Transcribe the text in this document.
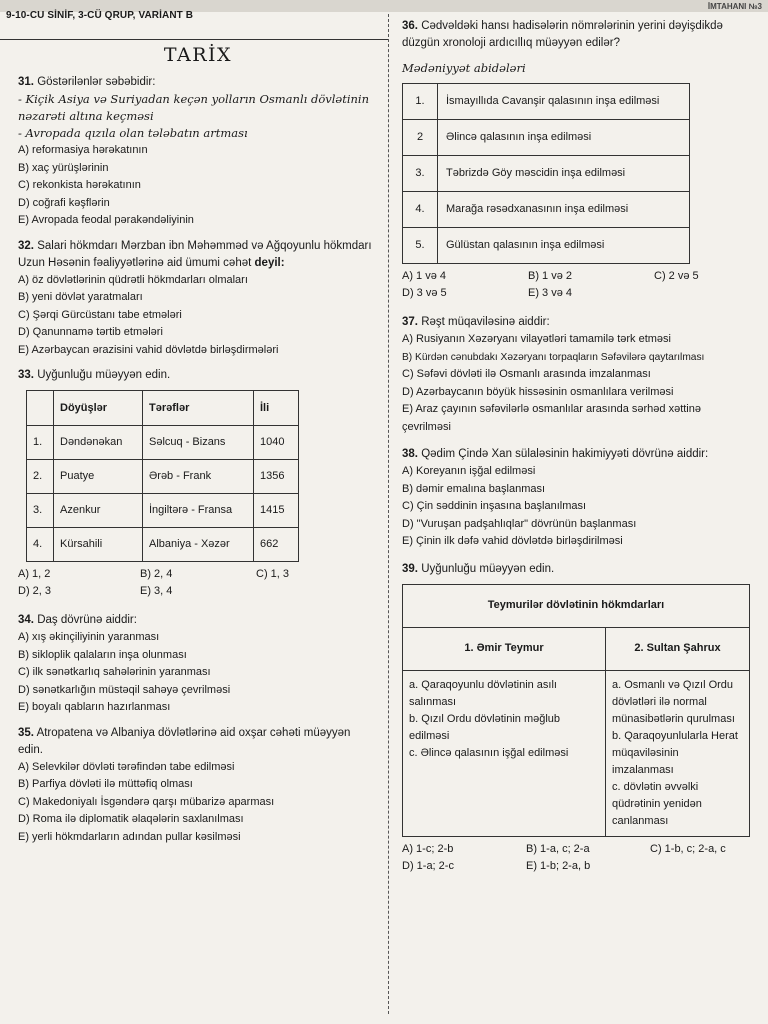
9-10-CU SİNİF, 3-CÜ QRUP, VARİANT B
İMTAHANI №3
TARİX
31. Göstərilənlər səbəbidir:
- Kiçik Asiya və Suriyadan keçən yolların Osmanlı dövlətinin nəzarəti altına keçməsi
- Avropada qızıla olan tələbatın artması
A) reformasiya hərəkatının
B) xaç yürüşlərinin
C) rekonkista hərəkatının
D) coğrafi kəşflərin
E) Avropada feodal pərakəndəliyinin
32. Salari hökmdarı Mərzban ibn Məhəmməd və Ağqoyunlu hökmdarı Uzun Həsənin fəaliyyətlərinə aid ümumi cəhət deyil:
A) öz dövlətlərinin qüdrətli hökmdarları olmaları
B) yeni dövlət yaratmaları
C) Şərqi Gürcüstanı tabe etmələri
D) Qanunnamə tərtib etmələri
E) Azərbaycan ərazisini vahid dövlətdə birləşdirmələri
33. Uyğunluğu müəyyən edin.
	Döyüşlər	Tərəflər	İli
1.	Dəndənəkan	Səlcuq - Bizans	1040
2.	Puatye	Ərəb - Frank	1356
3.	Azenkur	İngiltərə - Fransa	1415
4.	Kürsahili	Albaniya - Xəzər	662
A) 1, 2	B) 2, 4	C) 1, 3
D) 2, 3	E) 3, 4
34. Daş dövrünə aiddir:
A) xış əkinçiliyinin yaranması
B) sikloplik qalaların inşa olunması
C) ilk sənətkarlıq sahələrinin yaranması
D) sənətkarlığın müstəqil sahəyə çevrilməsi
E) boyalı qabların hazırlanması
35. Atropatena və Albaniya dövlətlərinə aid oxşar cəhəti müəyyən edin.
A) Selevkilər dövləti tərəfindən tabe edilməsi
B) Parfiya dövləti ilə müttəfiq olması
C) Makedoniyalı İsgəndərə qarşı mübarizə aparması
D) Roma ilə diplomatik əlaqələrin saxlanılması
E) yerli hökmdarların adından pullar kəsilməsi
36. Cədvəldəki hansı hadisələrin nömrələrinin yerini dəyişdikdə düzgün xronoloji ardıcıllıq müəyyən edilər?
Mədəniyyət abidələri
1.	İsmayıllıda Cavanşir qalasının inşa edilməsi
2	Əlincə qalasının inşa edilməsi
3.	Təbrizdə Göy məscidin inşa edilməsi
4.	Marağa rəsədxanasının inşa edilməsi
5.	Gülüstan qalasının inşa edilməsi
A) 1 və 4	B) 1 və 2	C) 2 və 5
D) 3 və 5	E) 3 və 4
37. Rəşt müqaviləsinə aiddir:
A) Rusiyanın Xəzəryanı vilayətləri tamamilə tərk etməsi
B) Kürdən cənubdakı Xəzəryanı torpaqların Səfəvilərə qaytarılması
C) Səfəvi dövləti ilə Osmanlı arasında imzalanması
D) Azərbaycanın böyük hissəsinin osmanlılara verilməsi
E) Araz çayının səfəvilərlə osmanlılar arasında sərhəd xəttinə çevrilməsi
38. Qədim Çində Xan sülaləsinin hakimiyyəti dövrünə aiddir:
A) Koreyanın işğal edilməsi
B) dəmir emalına başlanması
C) Çin səddinin inşasına başlanılması
D) "Vuruşan padşahlıqlar" dövrünün başlanması
E) Çinin ilk dəfə vahid dövlətdə birləşdirilməsi
39. Uyğunluğu müəyyən edin.
Teymurilər dövlətinin hökmdarları	
1. Əmir Teymur	2. Sultan Şahrux

a. Qaraqoyunlu dövlətinin asılı salınması
b. Qızıl Ordu dövlətinin məğlub edilməsi
c. Əlincə qalasının işğal edilməsi	a. Osmanlı və Qızıl Ordu dövlətləri ilə normal münasibətlərin qurulması
b. Qaraqoyunlularla Herat müqaviləsinin imzalanması
c. dövlətin əvvəlki qüdrətinin yenidən canlanması
A) 1-c; 2-b	B) 1-a, c; 2-a	C) 1-b, c; 2-a, c
D) 1-a; 2-c	E) 1-b; 2-a, b
